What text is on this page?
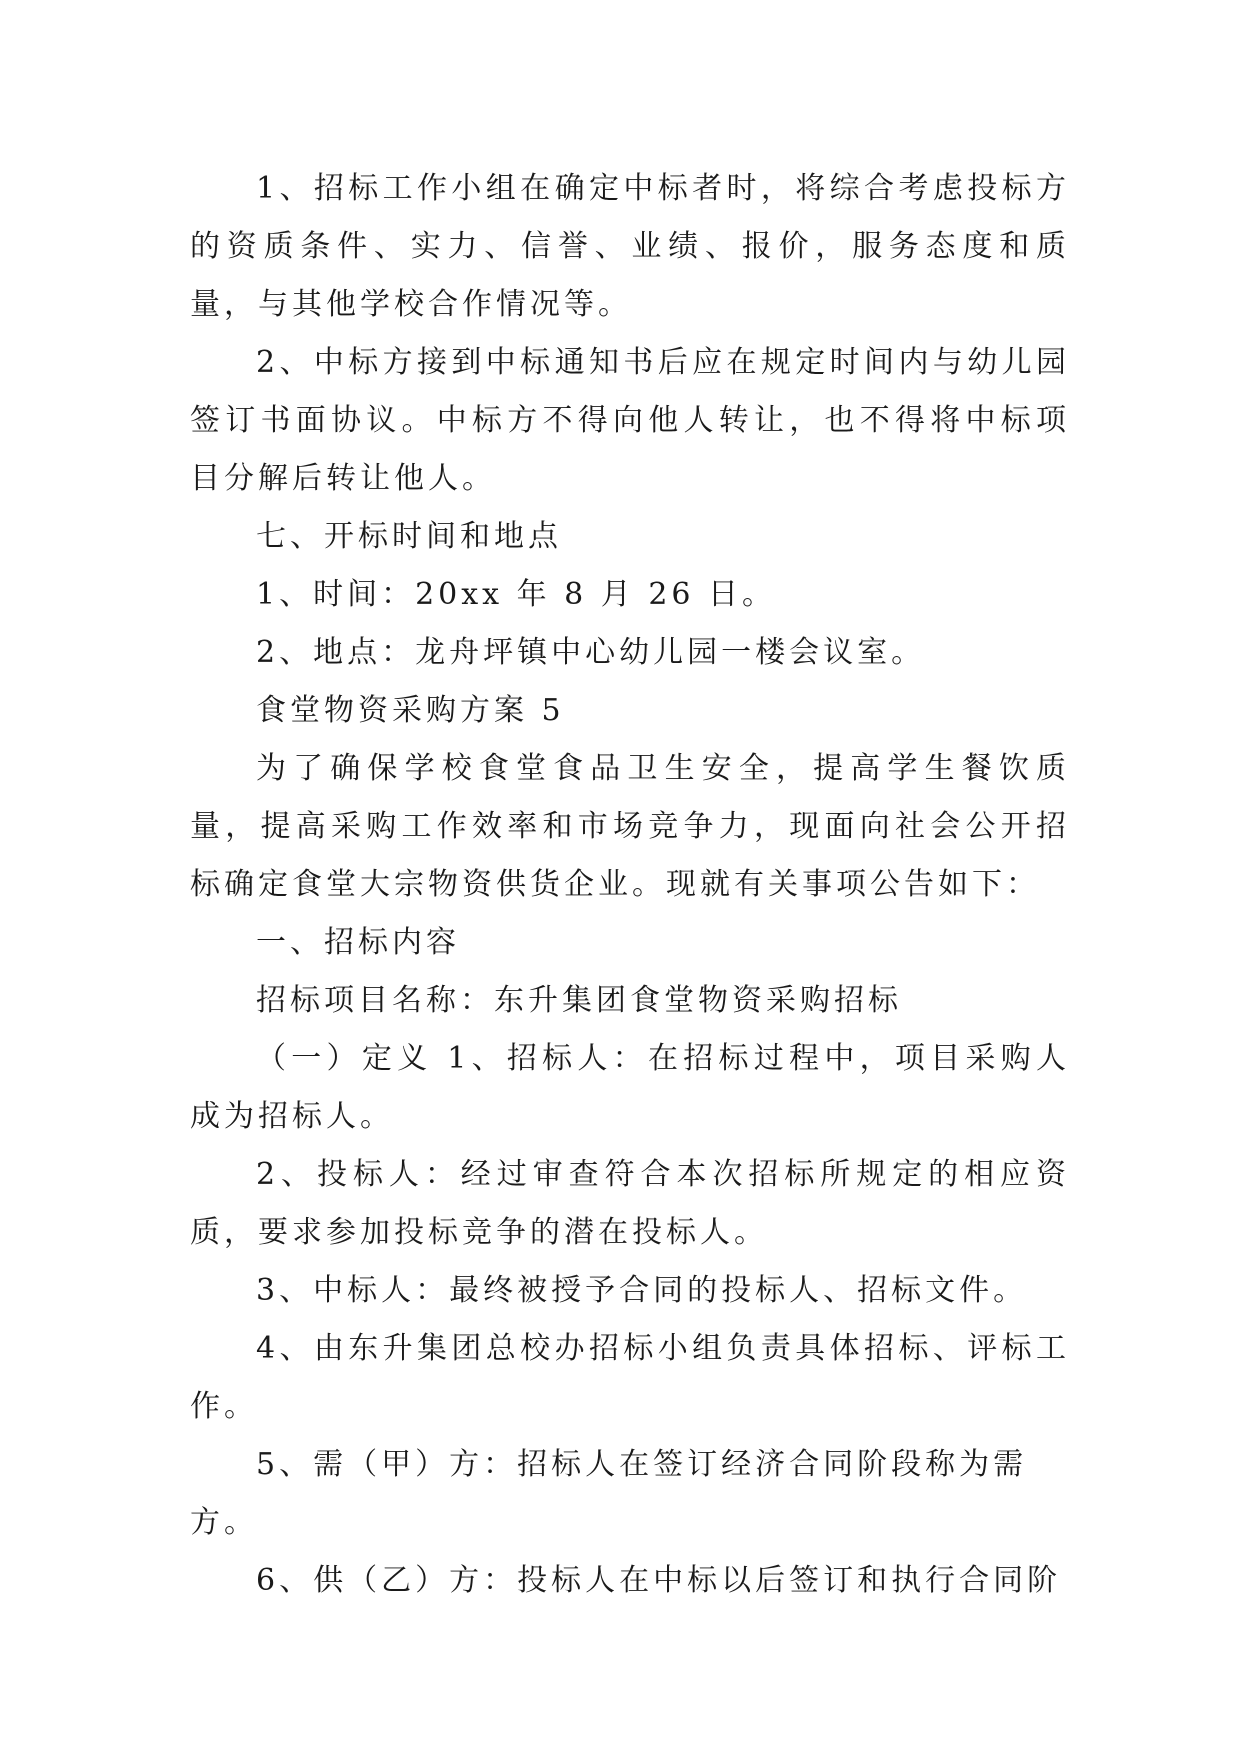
1、招标工作小组在确定中标者时，将综合考虑投标方的资质条件、实力、信誉、业绩、报价，服务态度和质量，与其他学校合作情况等。

2、中标方接到中标通知书后应在规定时间内与幼儿园签订书面协议。中标方不得向他人转让，也不得将中标项目分解后转让他人。

七、开标时间和地点

1、时间：20xx 年 8 月 26 日。

2、地点：龙舟坪镇中心幼儿园一楼会议室。

食堂物资采购方案 5

为了确保学校食堂食品卫生安全，提高学生餐饮质量，提高采购工作效率和市场竞争力，现面向社会公开招标确定食堂大宗物资供货企业。现就有关事项公告如下：

一、招标内容

招标项目名称：东升集团食堂物资采购招标

（一）定义 1、招标人：在招标过程中，项目采购人成为招标人。

2、投标人：经过审查符合本次招标所规定的相应资质，要求参加投标竞争的潜在投标人。

3、中标人：最终被授予合同的投标人、招标文件。

4、由东升集团总校办招标小组负责具体招标、评标工作。

5、需（甲）方：招标人在签订经济合同阶段称为需方。

6、供（乙）方：投标人在中标以后签订和执行合同阶
